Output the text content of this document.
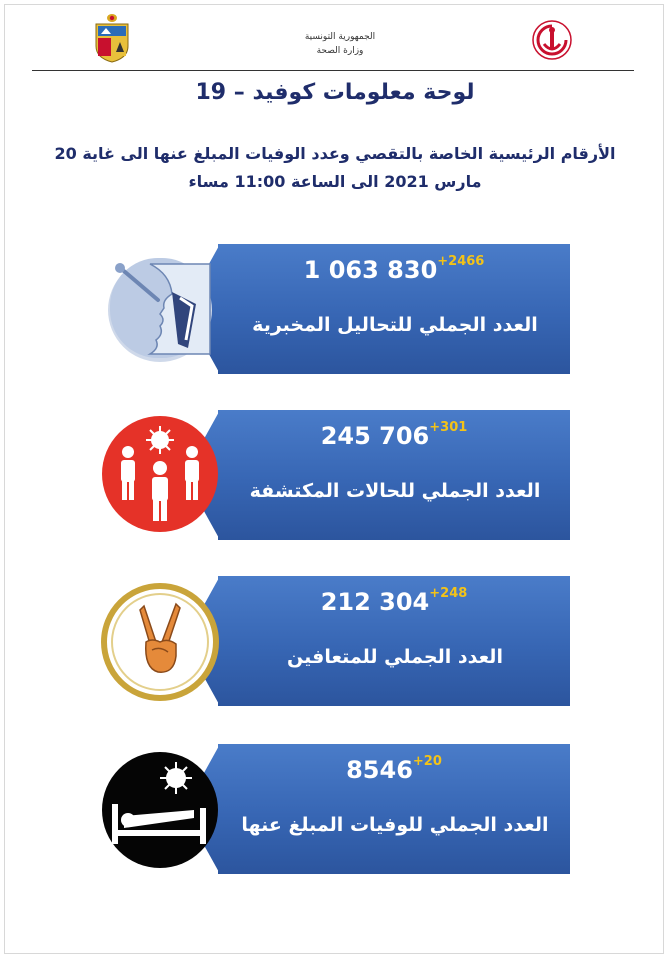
الجمهورية التونسية
وزارة الصحة
لوحة معلومات كوفيد – 19
الأرقام الرئيسية الخاصة بالتقصي وعدد الوفيات المبلغ عنها الى غاية 20
مارس 2021 الى الساعة 11:00 مساء
1 063 $830^{+2466}$
العدد الجملي للتحاليل المخبرية
245 $706^{+301}$
العدد الجملي للحالات المكتشفة
212 $304^{+248}$
العدد الجملي للمتعافين
$8546^{+20}$
العدد الجملي للوفيات المبلغ عنها
